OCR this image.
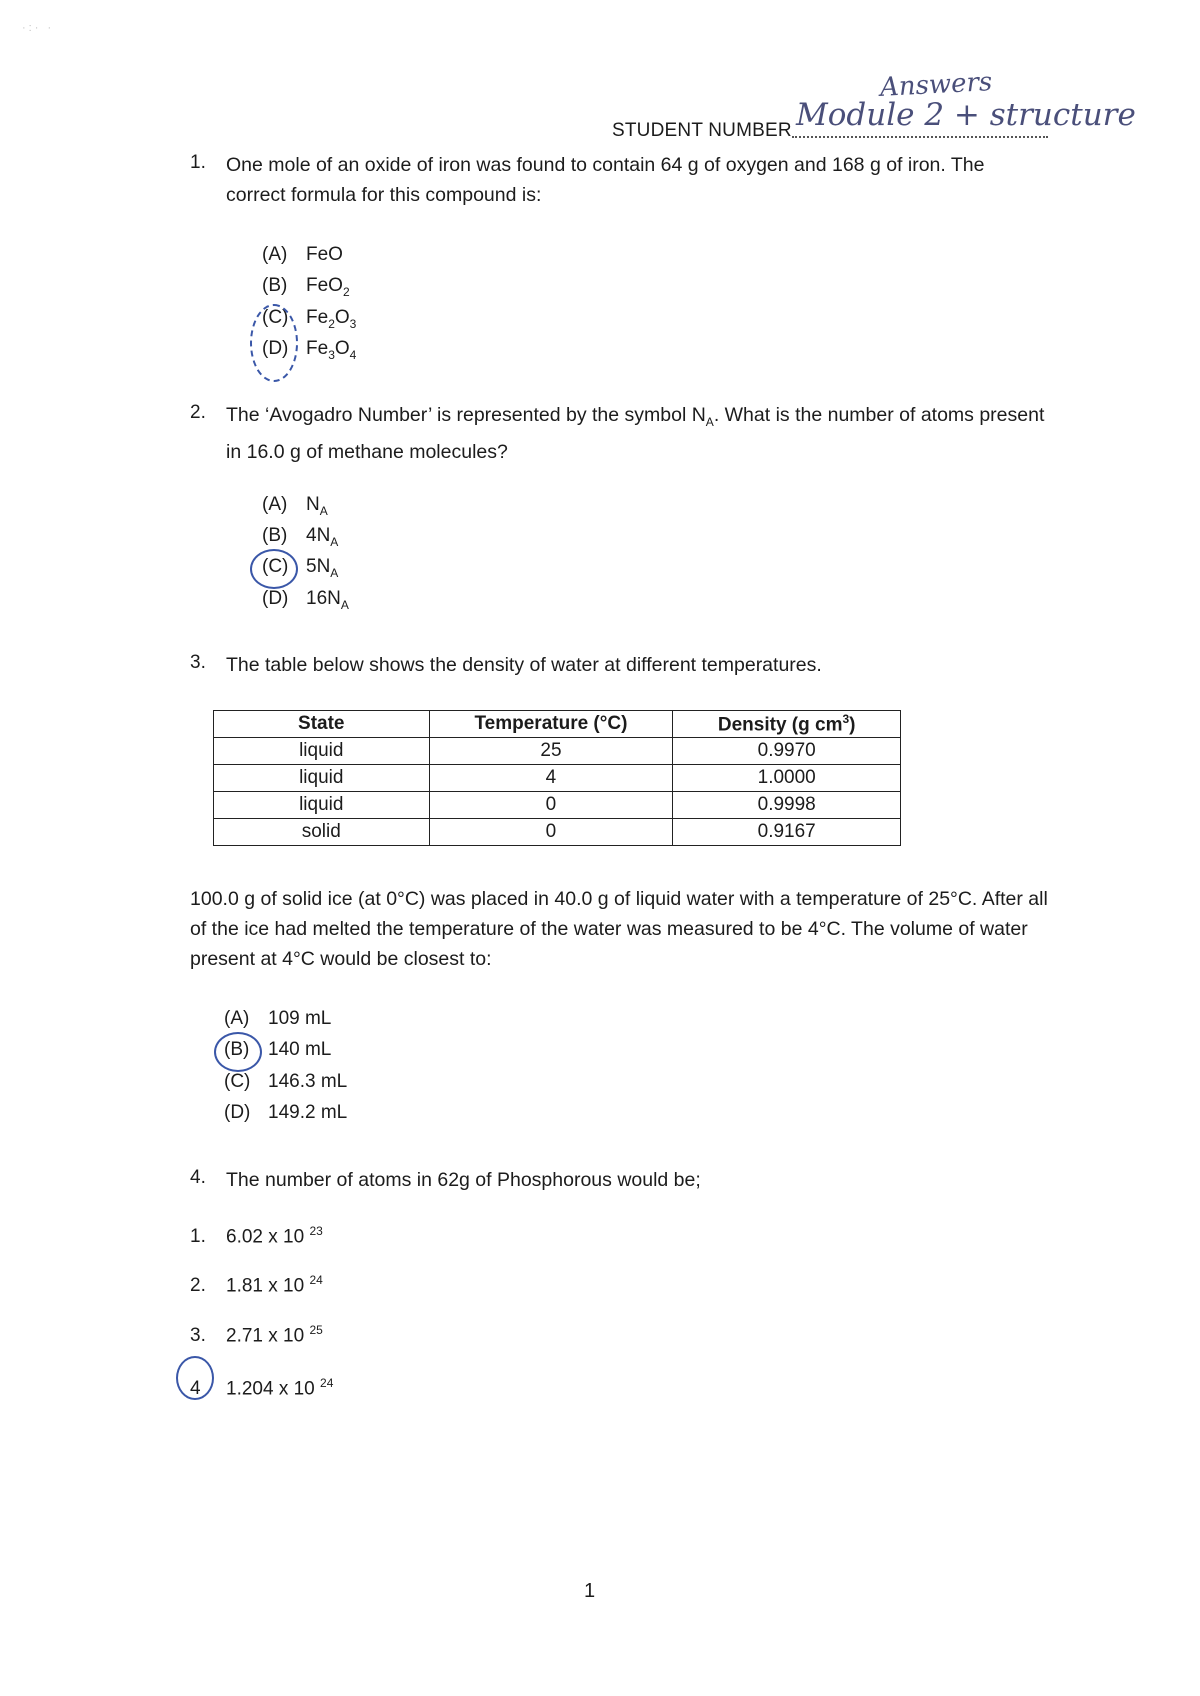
·:· ·
Answers
STUDENT NUMBER Module 2 + structure
1. One mole of an oxide of iron was found to contain 64 g of oxygen and 168 g of iron. The correct formula for this compound is:
(A) FeO
(B) FeO$_2$
(C) $Fe_2O_3$
(D) $Fe_3O_4$
2. The ‘Avogadro Number’ is represented by the symbol $N_A$. What is the number of atoms present in 16.0 g of methane molecules?
(A) $N_A$
(B) $4N_A$
(C) $5N_A$
(D) $16N_A$
3. The table below shows the density of water at different temperatures.
State	Temperature (°C)	Density (g $cm^3$)
liquid	25	0.9970
liquid	4	1.0000
liquid	0	0.9998
solid	0	0.9167
100.0 g of solid ice (at 0°C) was placed in 40.0 g of liquid water with a temperature of 25°C. After all of the ice had melted the temperature of the water was measured to be 4°C. The volume of water present at 4°C would be closest to:
(A) 109 mL
(B) 140 mL
(C) 146.3 mL
(D) 149.2 mL
4. The number of atoms in 62g of Phosphorous would be;
1. 6.02 x 10 $^{23}$
2. 1.81 x 10 $^{24}$
3. 2.71 x 10 $^{25}$
4 1.204 x 10 $^{24}$
1
